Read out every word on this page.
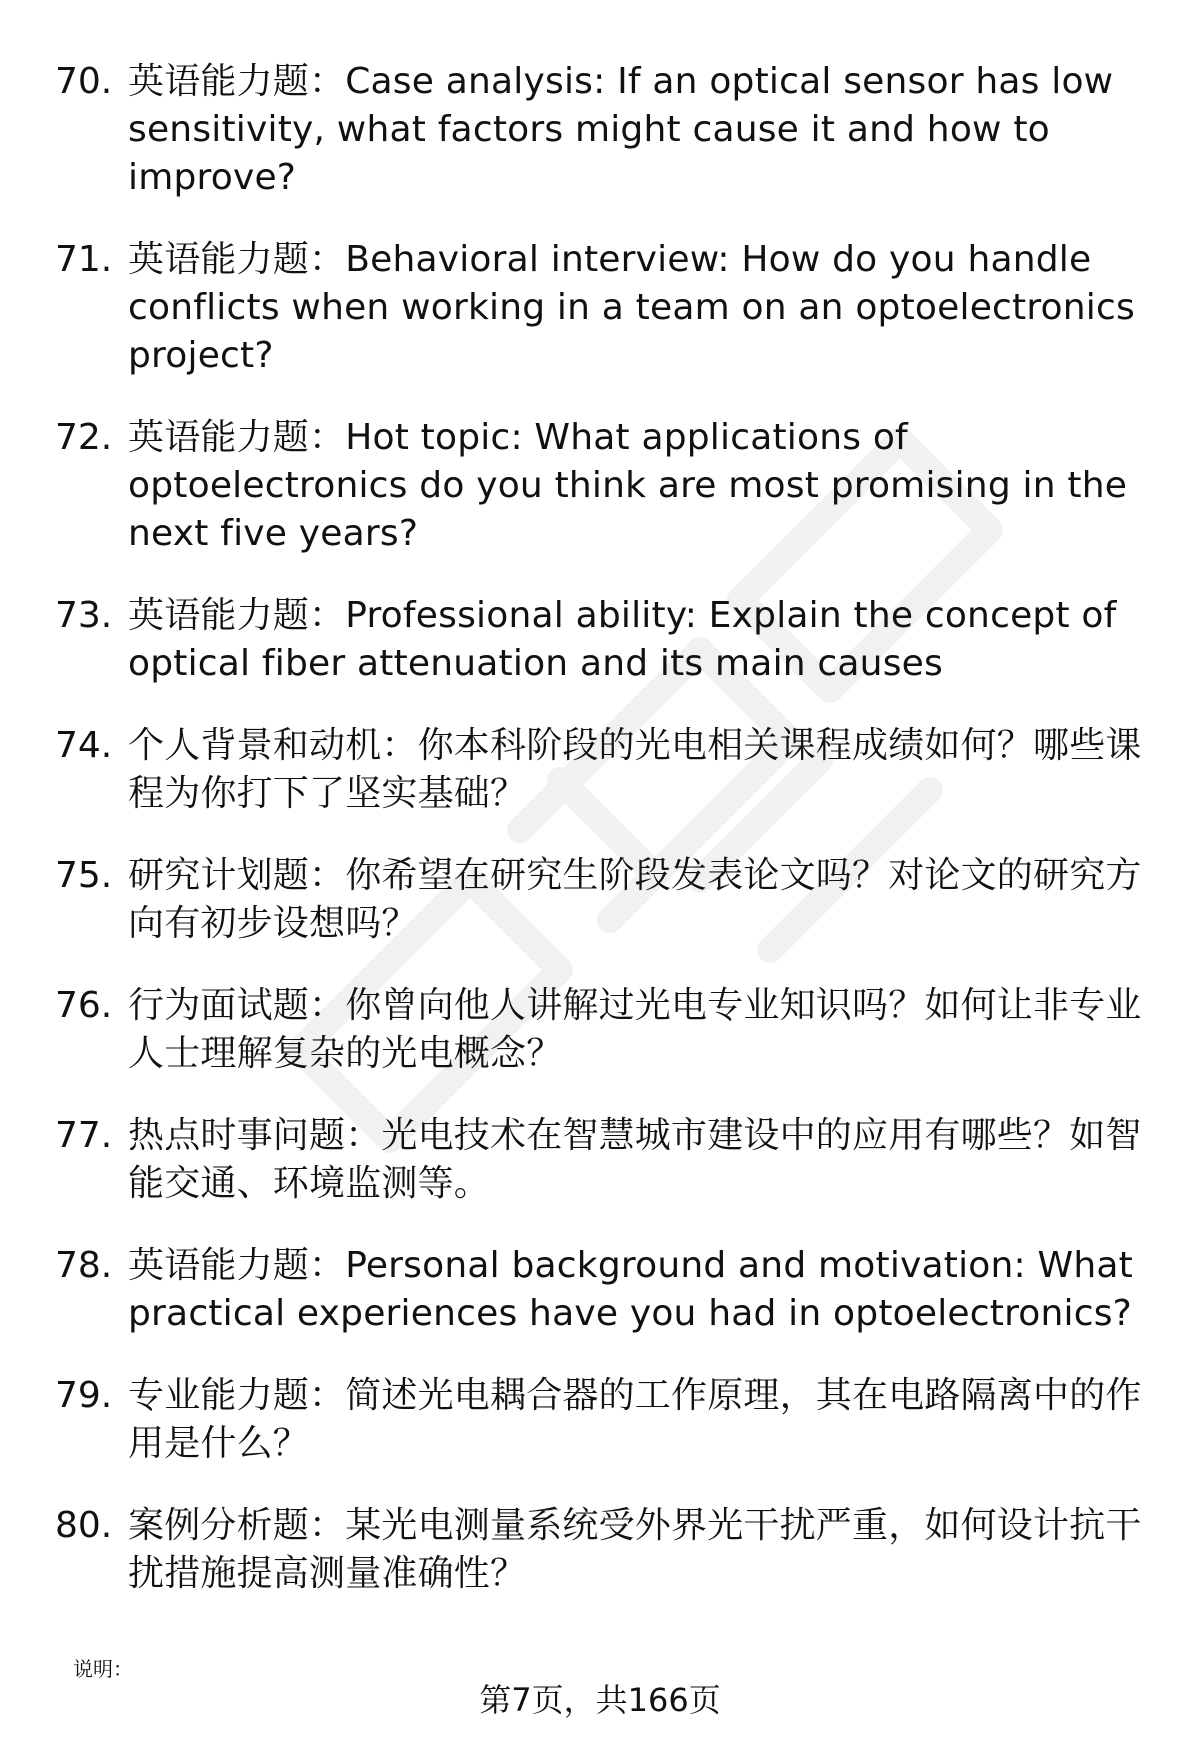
70. 英语能力题：Case analysis: If an optical sensor has low sensitivity, what factors might cause it and how to improve?
71. 英语能力题：Behavioral interview: How do you handle conflicts when working in a team on an optoelectronics project?
72. 英语能力题：Hot topic: What applications of optoelectronics do you think are most promising in the next five years?
73. 英语能力题：Professional ability: Explain the concept of optical fiber attenuation and its main causes
74. 个人背景和动机：你本科阶段的光电相关课程成绩如何？哪些课程为你打下了坚实基础？
75. 研究计划题：你希望在研究生阶段发表论文吗？对论文的研究方向有初步设想吗？
76. 行为面试题：你曾向他人讲解过光电专业知识吗？如何让非专业人士理解复杂的光电概念？
77. 热点时事问题：光电技术在智慧城市建设中的应用有哪些？如智能交通、环境监测等。
78. 英语能力题：Personal background and motivation: What practical experiences have you had in optoelectronics?
79. 专业能力题：简述光电耦合器的工作原理，其在电路隔离中的作用是什么？
80. 案例分析题：某光电测量系统受外界光干扰严重，如何设计抗干扰措施提高测量准确性？
说明：
第7页，共166页
